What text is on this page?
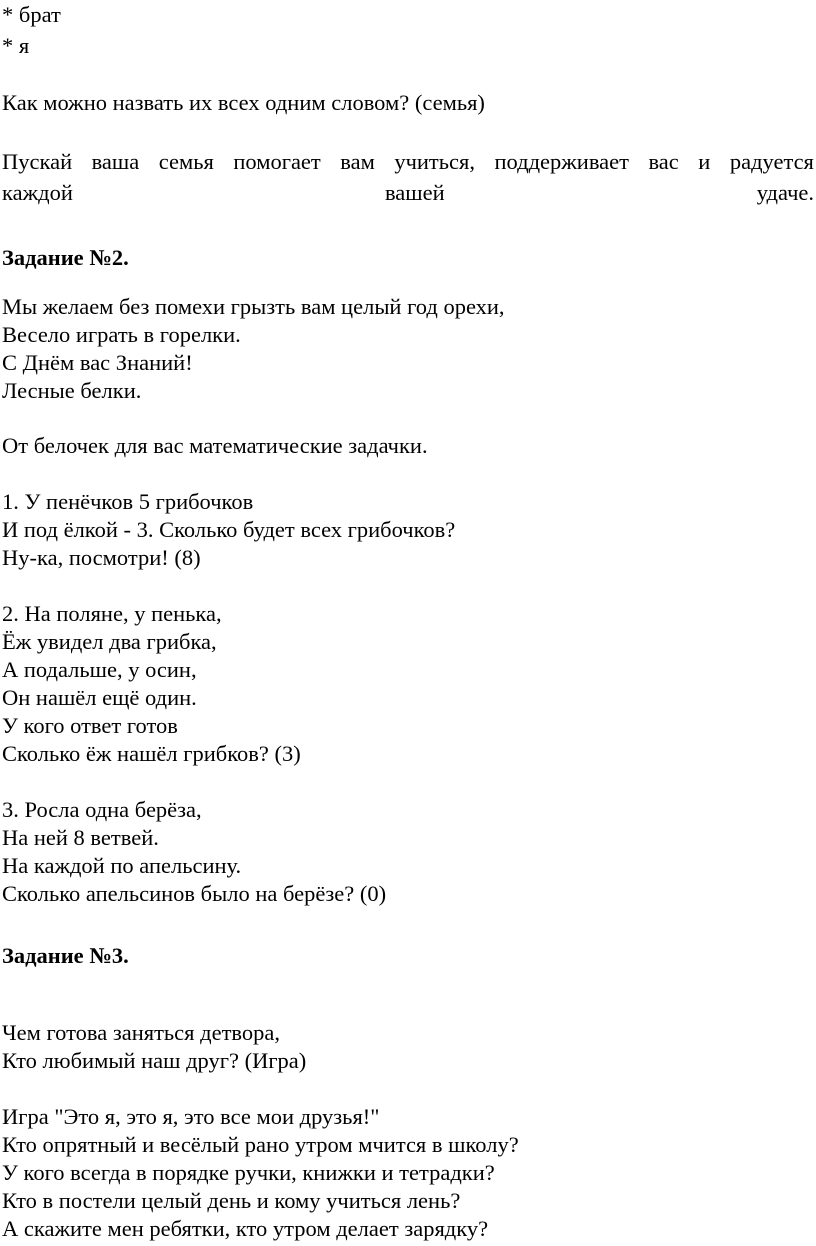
* брат
* я
Как можно назвать их всех одним словом? (семья)
Пускай ваша семья помогает вам учиться, поддерживает вас и радуется
каждой	вашей	удаче.
Задание №2.
Мы желаем без помехи грызть вам целый год орехи,
Весело играть в горелки.
С Днём вас Знаний!
Лесные белки.
От белочек для вас математические задачки.
1. У пенёчков 5 грибочков
И под ёлкой - 3. Сколько будет всех грибочков?
Ну-ка, посмотри! (8)
2. На поляне, у пенька,
Ёж увидел два грибка,
А подальше, у осин,
Он нашёл ещё один.
У кого ответ готов
Сколько ёж нашёл грибков? (3)
3. Росла одна берёза,
На ней 8 ветвей.
На каждой по апельсину.
Сколько апельсинов было на берёзе? (0)
Задание №3.
Чем готова заняться детвора,
Кто любимый наш друг? (Игра)
Игра "Это я, это я, это все мои друзья!"
Кто опрятный и весёлый рано утром мчится в школу?
У кого всегда в порядке ручки, книжки и тетрадки?
Кто в постели целый день и кому учиться лень?
А скажите мен ребятки, кто утром делает зарядку?
